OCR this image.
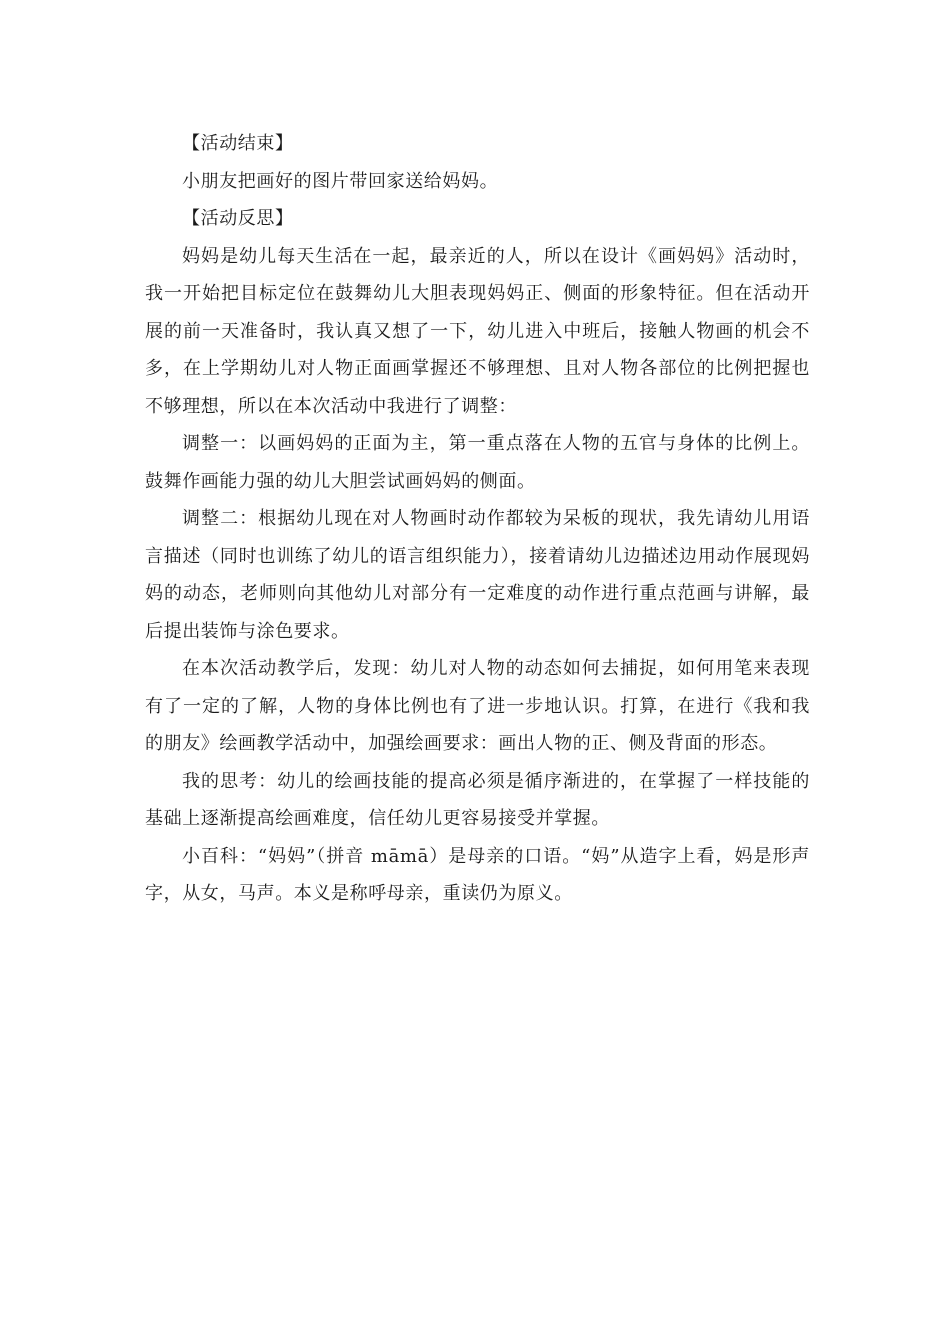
【活动结束】

小朋友把画好的图片带回家送给妈妈。

【活动反思】

妈妈是幼儿每天生活在一起，最亲近的人，所以在设计《画妈妈》活动时，我一开始把目标定位在鼓舞幼儿大胆表现妈妈正、侧面的形象特征。但在活动开展的前一天准备时，我认真又想了一下，幼儿进入中班后，接触人物画的机会不多，在上学期幼儿对人物正面画掌握还不够理想、且对人物各部位的比例把握也不够理想，所以在本次活动中我进行了调整：

调整一：以画妈妈的正面为主，第一重点落在人物的五官与身体的比例上。鼓舞作画能力强的幼儿大胆尝试画妈妈的侧面。

调整二：根据幼儿现在对人物画时动作都较为呆板的现状，我先请幼儿用语言描述（同时也训练了幼儿的语言组织能力），接着请幼儿边描述边用动作展现妈妈的动态，老师则向其他幼儿对部分有一定难度的动作进行重点范画与讲解，最后提出装饰与涂色要求。

在本次活动教学后，发现：幼儿对人物的动态如何去捕捉，如何用笔来表现有了一定的了解，人物的身体比例也有了进一步地认识。打算，在进行《我和我的朋友》绘画教学活动中，加强绘画要求：画出人物的正、侧及背面的形态。

我的思考：幼儿的绘画技能的提高必须是循序渐进的，在掌握了一样技能的基础上逐渐提高绘画难度，信任幼儿更容易接受并掌握。

小百科：“妈妈”（拼音 māmā）是母亲的口语。“妈”从造字上看，妈是形声字，从女，马声。本义是称呼母亲，重读仍为原义。
